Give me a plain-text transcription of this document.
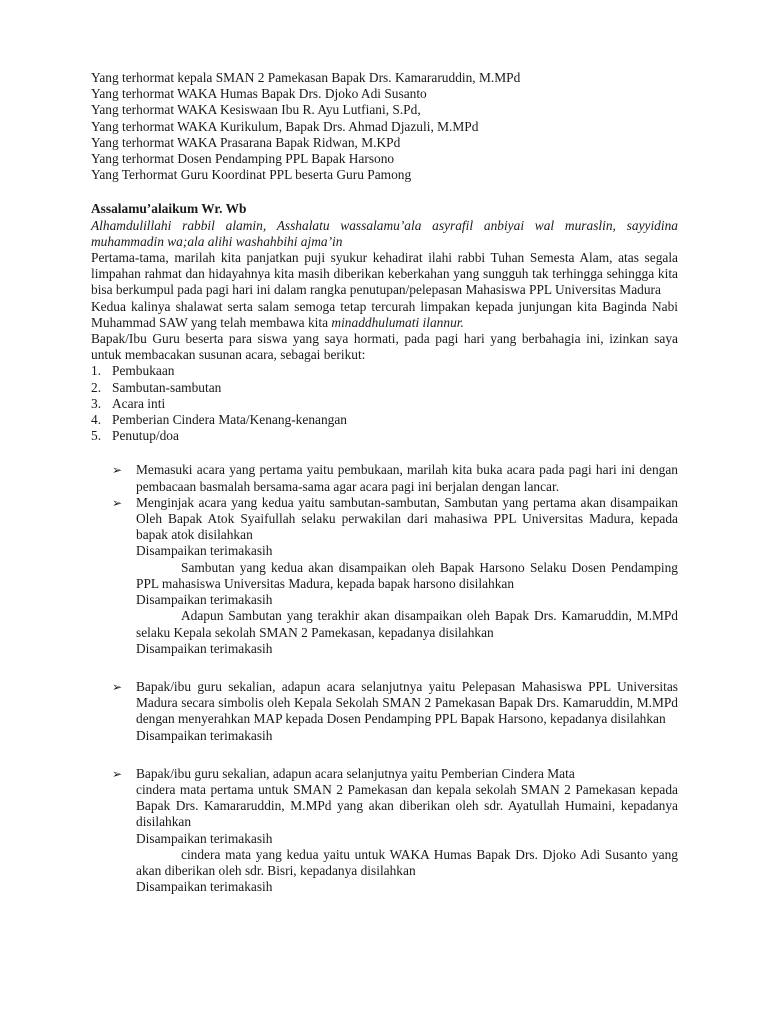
Yang terhormat kepala SMAN 2 Pamekasan Bapak Drs. Kamararuddin, M.MPd

Yang terhormat WAKA Humas Bapak Drs. Djoko Adi Susanto

Yang terhormat WAKA Kesiswaan Ibu R. Ayu Lutfiani, S.Pd,

Yang terhormat WAKA Kurikulum, Bapak Drs. Ahmad Djazuli, M.MPd

Yang terhormat WAKA Prasarana Bapak Ridwan, M.KPd

Yang terhormat Dosen Pendamping PPL Bapak Harsono

Yang Terhormat Guru Koordinat PPL beserta Guru Pamong

Assalamu’alaikum Wr. Wb

Alhamdulillahi rabbil alamin, Asshalatu wassalamu’ala asyrafil anbiyai wal muraslin, sayyidina muhammadin wa;ala alihi washahbihi ajma’in

Pertama-tama, marilah kita panjatkan puji syukur kehadirat ilahi rabbi Tuhan Semesta Alam, atas segala limpahan rahmat dan hidayahnya kita masih diberikan keberkahan yang sungguh tak terhingga sehingga kita bisa berkumpul pada pagi hari ini dalam rangka penutupan/pelepasan Mahasiswa PPL Universitas Madura

Kedua kalinya shalawat serta salam semoga tetap tercurah limpakan kepada junjungan kita Baginda Nabi Muhammad SAW yang telah membawa kita minaddhulumati ilannur.

Bapak/Ibu Guru beserta para siswa yang saya hormati, pada pagi hari yang berbahagia ini, izinkan saya untuk membacakan susunan acara, sebagai berikut:

1. Pembukaan
2. Sambutan-sambutan
3. Acara inti
4. Pemberian Cindera Mata/Kenang-kenangan
5. Penutup/doa
➢ Memasuki acara yang pertama yaitu pembukaan, marilah kita buka acara pada pagi hari ini dengan pembacaan basmalah bersama-sama agar acara pagi ini berjalan dengan lancar.
➢ Menginjak acara yang kedua yaitu sambutan-sambutan, Sambutan yang pertama akan disampaikan Oleh Bapak Atok Syaifullah selaku perwakilan dari mahasiwa PPL Universitas Madura, kepada bapak atok disilahkan

Disampaikan terimakasih

Sambutan yang kedua akan disampaikan oleh Bapak Harsono Selaku Dosen Pendamping PPL mahasiswa Universitas Madura, kepada bapak harsono disilahkan

Disampaikan terimakasih

Adapun Sambutan yang terakhir akan disampaikan oleh Bapak Drs. Kamaruddin, M.MPd selaku Kepala sekolah SMAN 2 Pamekasan, kepadanya disilahkan

Disampaikan terimakasih

➢ Bapak/ibu guru sekalian, adapun acara selanjutnya yaitu Pelepasan Mahasiswa PPL Universitas Madura secara simbolis oleh Kepala Sekolah SMAN 2 Pamekasan Bapak Drs. Kamaruddin, M.MPd dengan menyerahkan MAP kepada Dosen Pendamping PPL Bapak Harsono, kepadanya disilahkan

Disampaikan terimakasih

➢ Bapak/ibu guru sekalian, adapun acara selanjutnya yaitu Pemberian Cindera Mata

cindera mata pertama untuk SMAN 2 Pamekasan dan kepala sekolah SMAN 2 Pamekasan kepada Bapak Drs. Kamararuddin, M.MPd yang akan diberikan oleh sdr. Ayatullah Humaini, kepadanya disilahkan

Disampaikan terimakasih

cindera mata yang kedua yaitu untuk WAKA Humas Bapak Drs. Djoko Adi Susanto yang akan diberikan oleh sdr. Bisri, kepadanya disilahkan

Disampaikan terimakasih
